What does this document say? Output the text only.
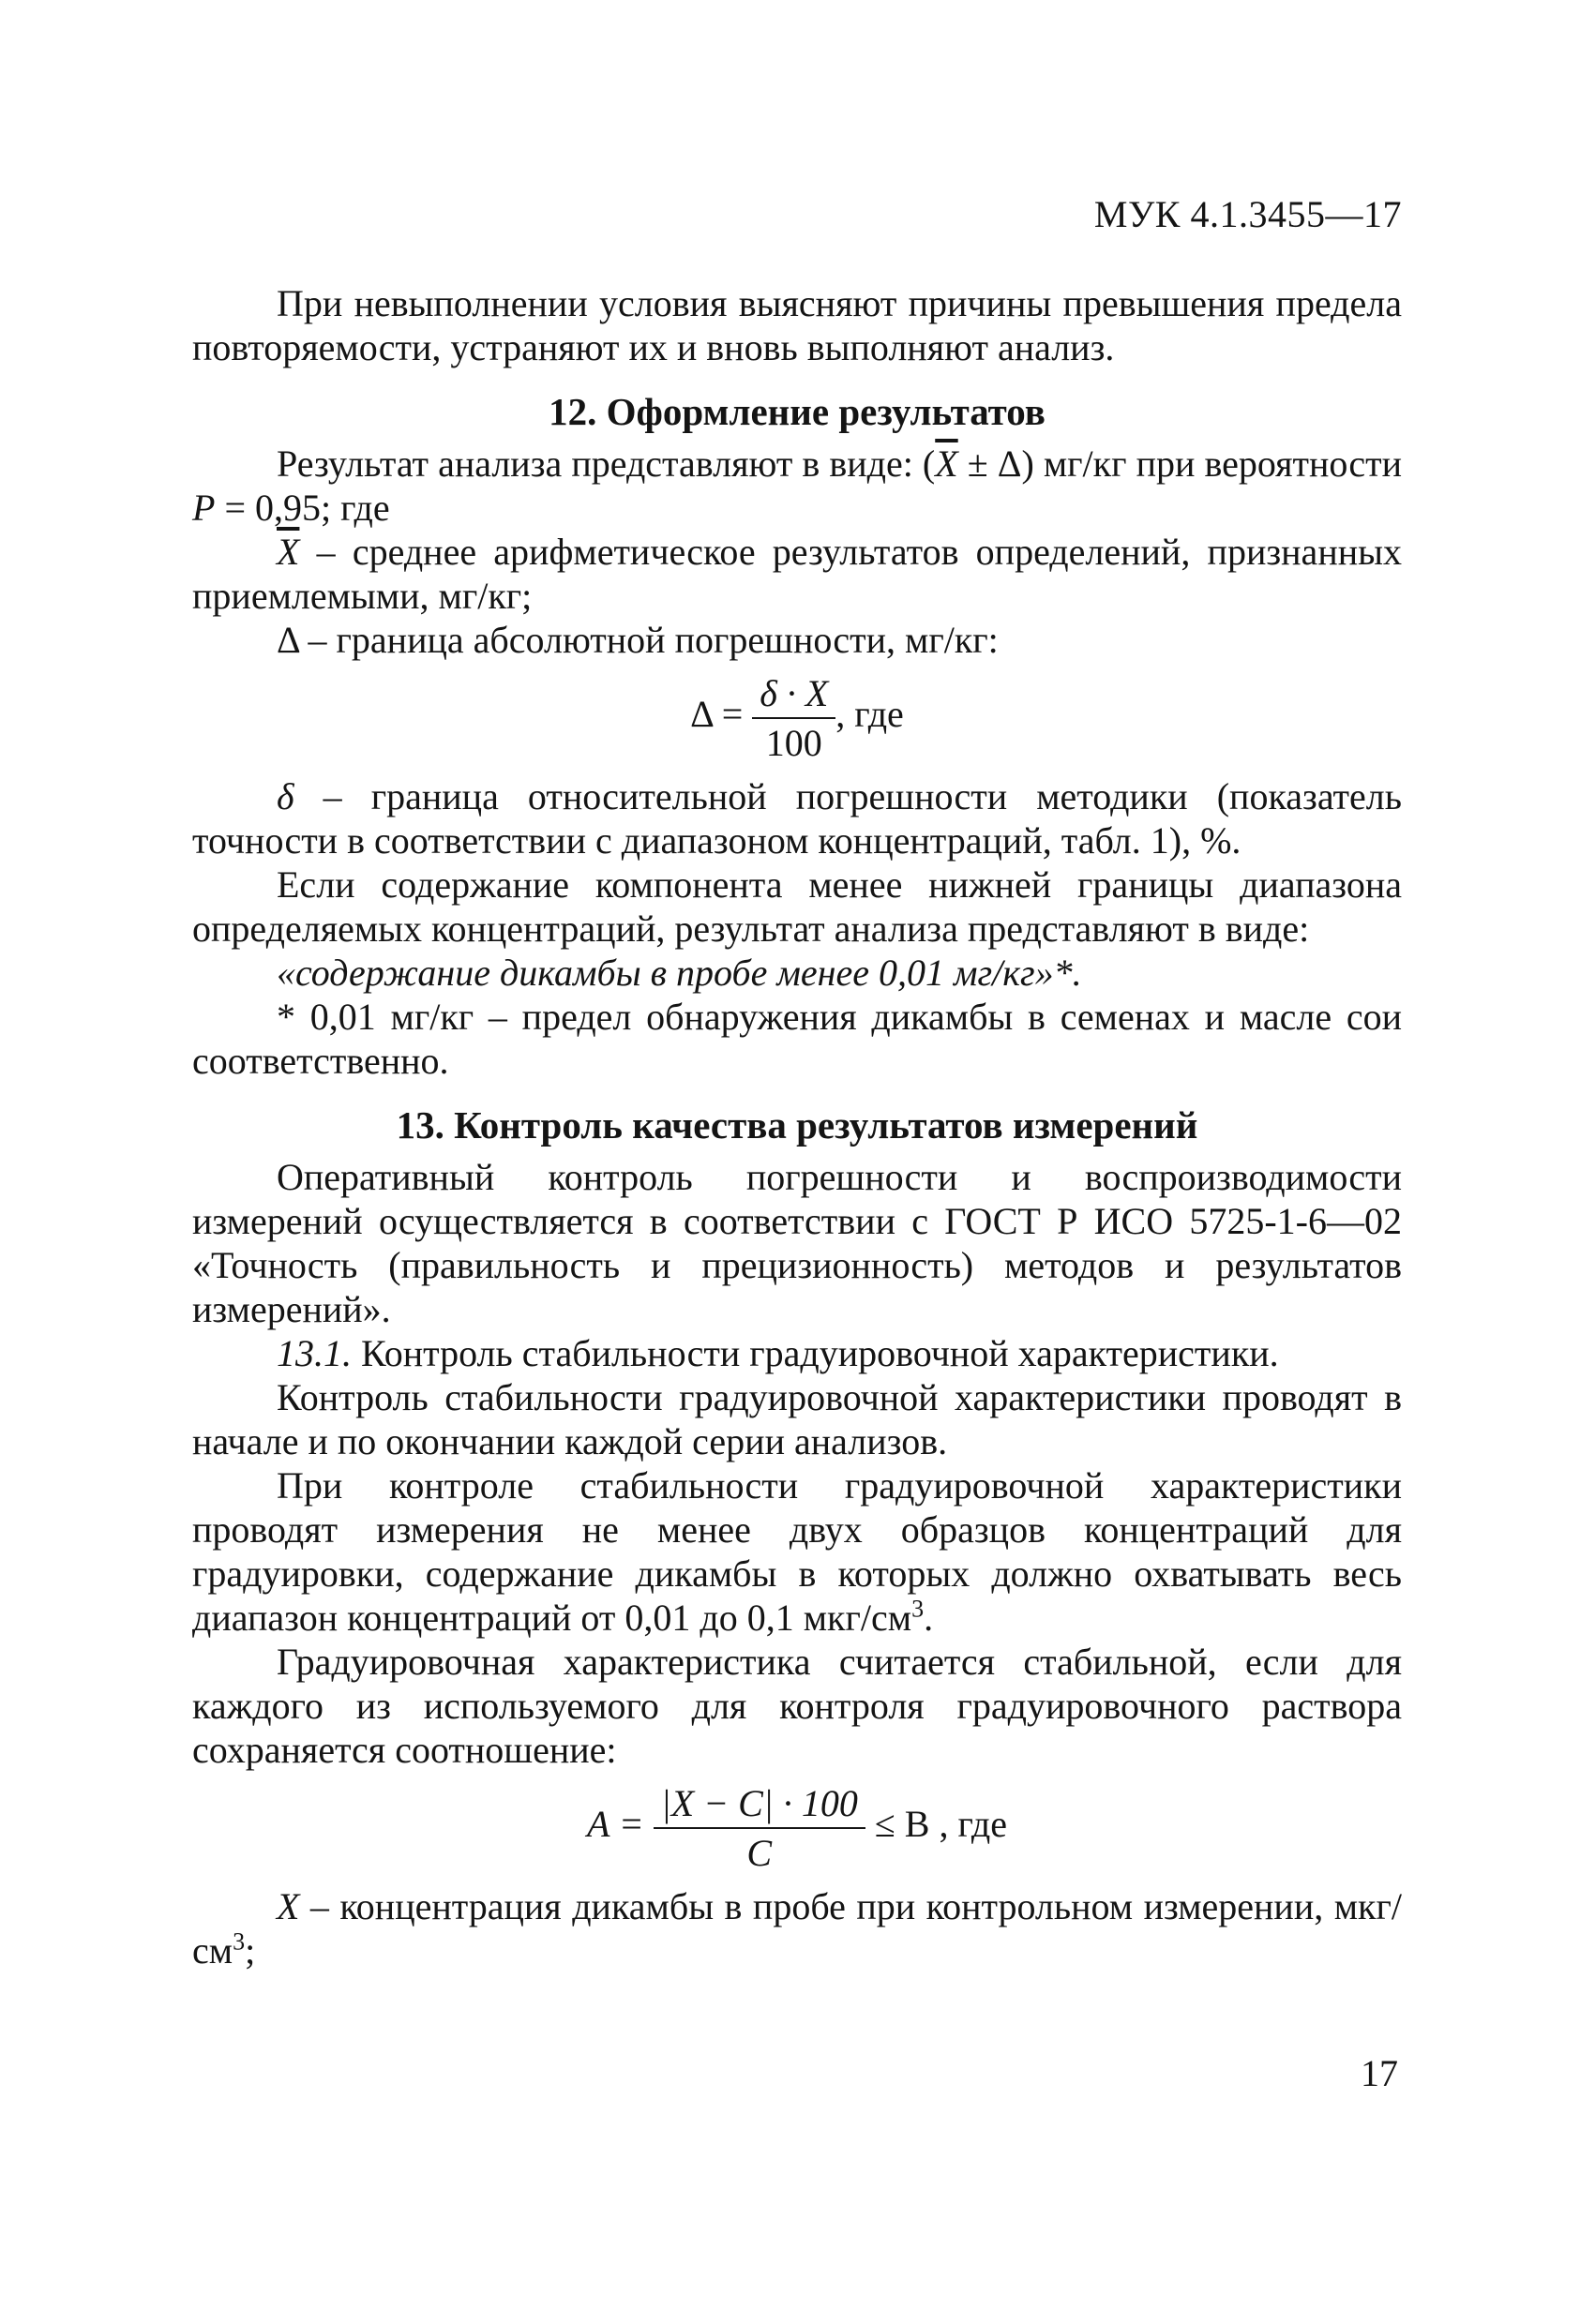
МУК 4.1.3455—17

При невыполнении условия выясняют причины превышения предела повторяемости, устраняют их и вновь выполняют анализ.

12. Оформление результатов

Результат анализа представляют в виде: $(\overline{X} \pm \Delta)$ мг/кг при вероятности P = 0,95; где

$\overline{X}$ – среднее арифметическое результатов определений, признанных приемлемыми, мг/кг;

Δ – граница абсолютной погрешности, мг/кг:

$\Delta = \frac{\delta \cdot X}{100}$ , где

δ – граница относительной погрешности методики (показатель точности в соответствии с диапазоном концентраций, табл. 1), %.

Если содержание компонента менее нижней границы диапазона определяемых концентраций, результат анализа представляют в виде:

«содержание дикамбы в пробе менее 0,01 мг/кг»*.

* 0,01 мг/кг – предел обнаружения дикамбы в семенах и масле сои соответственно.

13. Контроль качества результатов измерений

Оперативный контроль погрешности и воспроизводимости измерений осуществляется в соответствии с ГОСТ Р ИСО 5725-1-6—02 «Точность (правильность и прецизионность) методов и результатов измерений».

13.1. Контроль стабильности градуировочной характеристики.

Контроль стабильности градуировочной характеристики проводят в начале и по окончании каждой серии анализов.

При контроле стабильности градуировочной характеристики проводят измерения не менее двух образцов концентраций для градуировки, содержание дикамбы в которых должно охватывать весь диапазон концентраций от 0,01 до 0,1 мкг/$см^3$.

Градуировочная характеристика считается стабильной, если для каждого из используемого для контроля градуировочного раствора сохраняется соотношение:

$A = \frac{|X - C| \cdot 100}{C} \le B$ , где

X – концентрация дикамбы в пробе при контрольном измерении, мкг/$см^3$;

17
